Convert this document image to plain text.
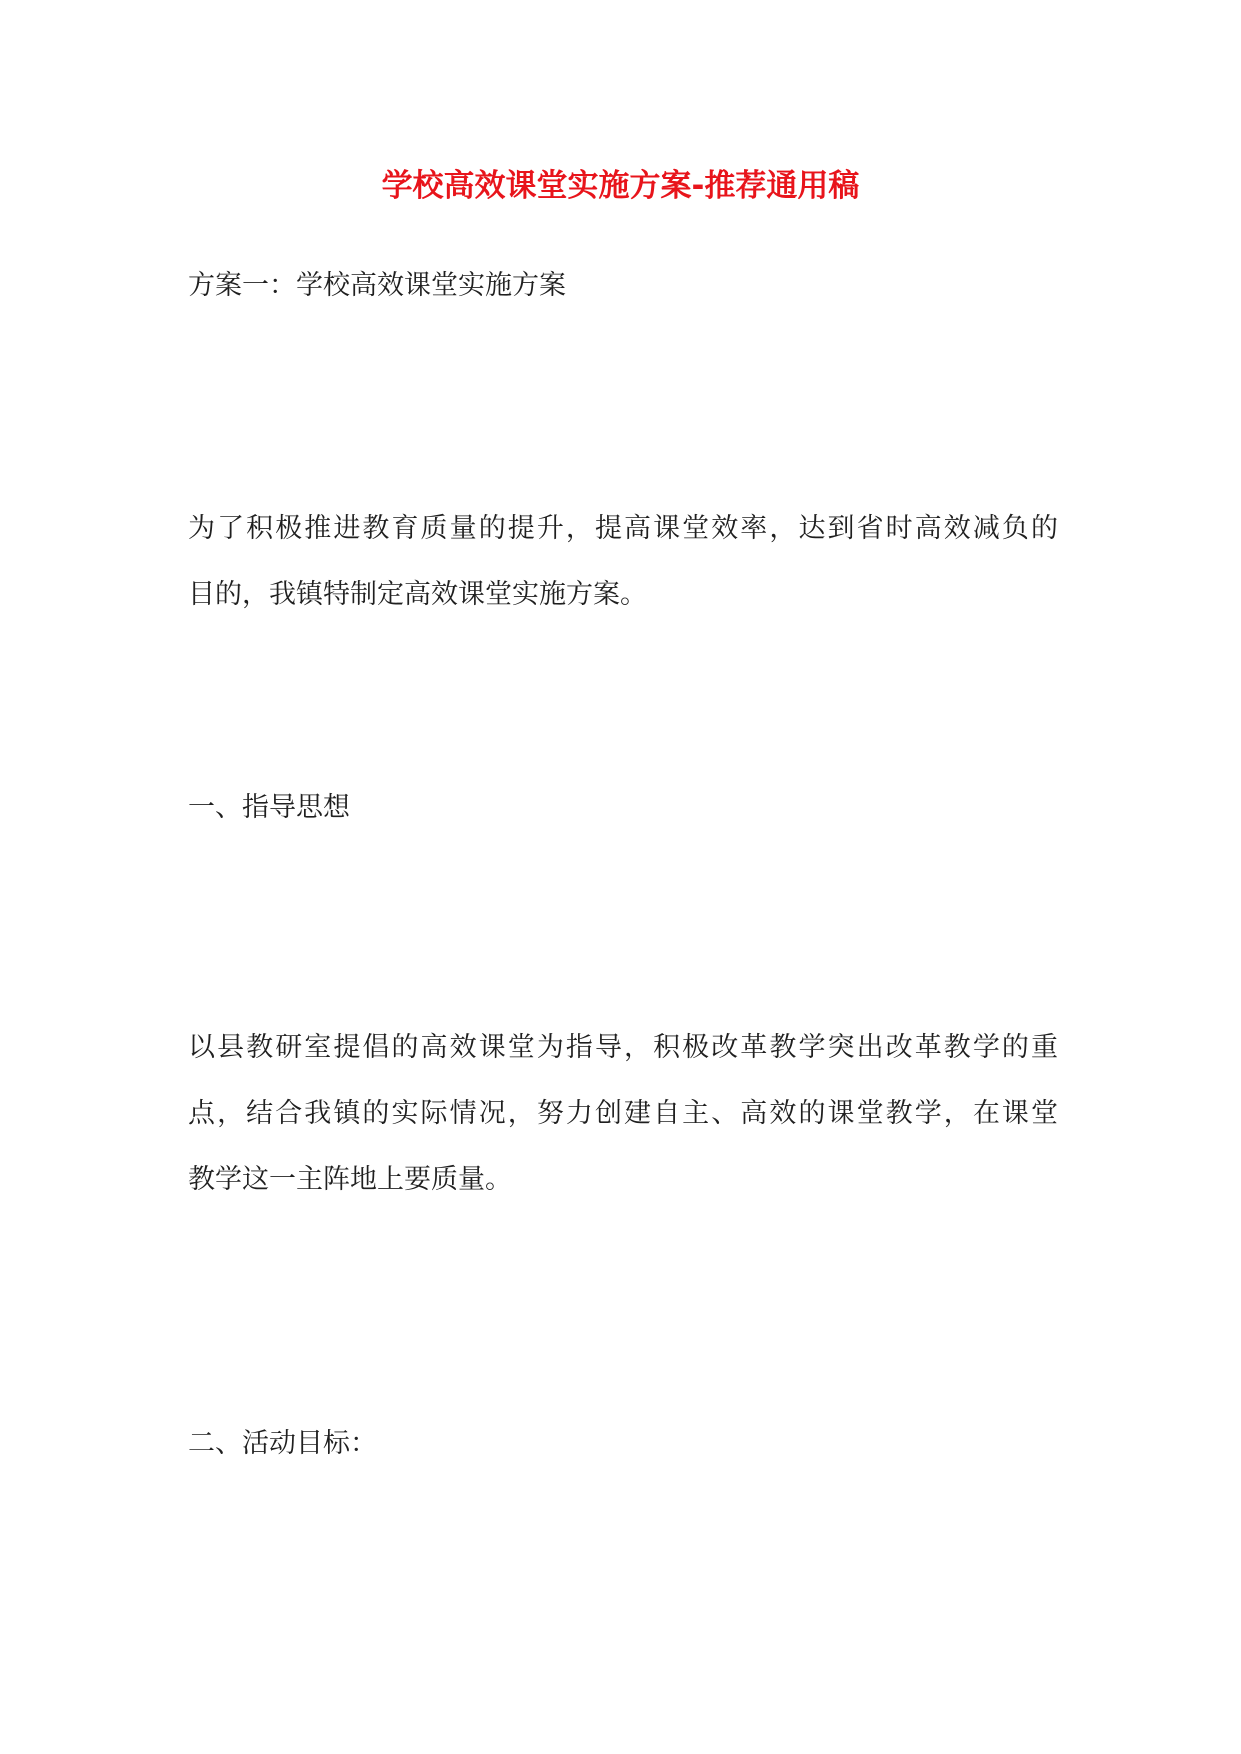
学校高效课堂实施方案-推荐通用稿
方案一：学校高效课堂实施方案
为了积极推进教育质量的提升，提高课堂效率，达到省时高效减负的
目的，我镇特制定高效课堂实施方案。
一、指导思想
以县教研室提倡的高效课堂为指导，积极改革教学突出改革教学的重
点，结合我镇的实际情况，努力创建自主、高效的课堂教学，在课堂
教学这一主阵地上要质量。
二、活动目标：
